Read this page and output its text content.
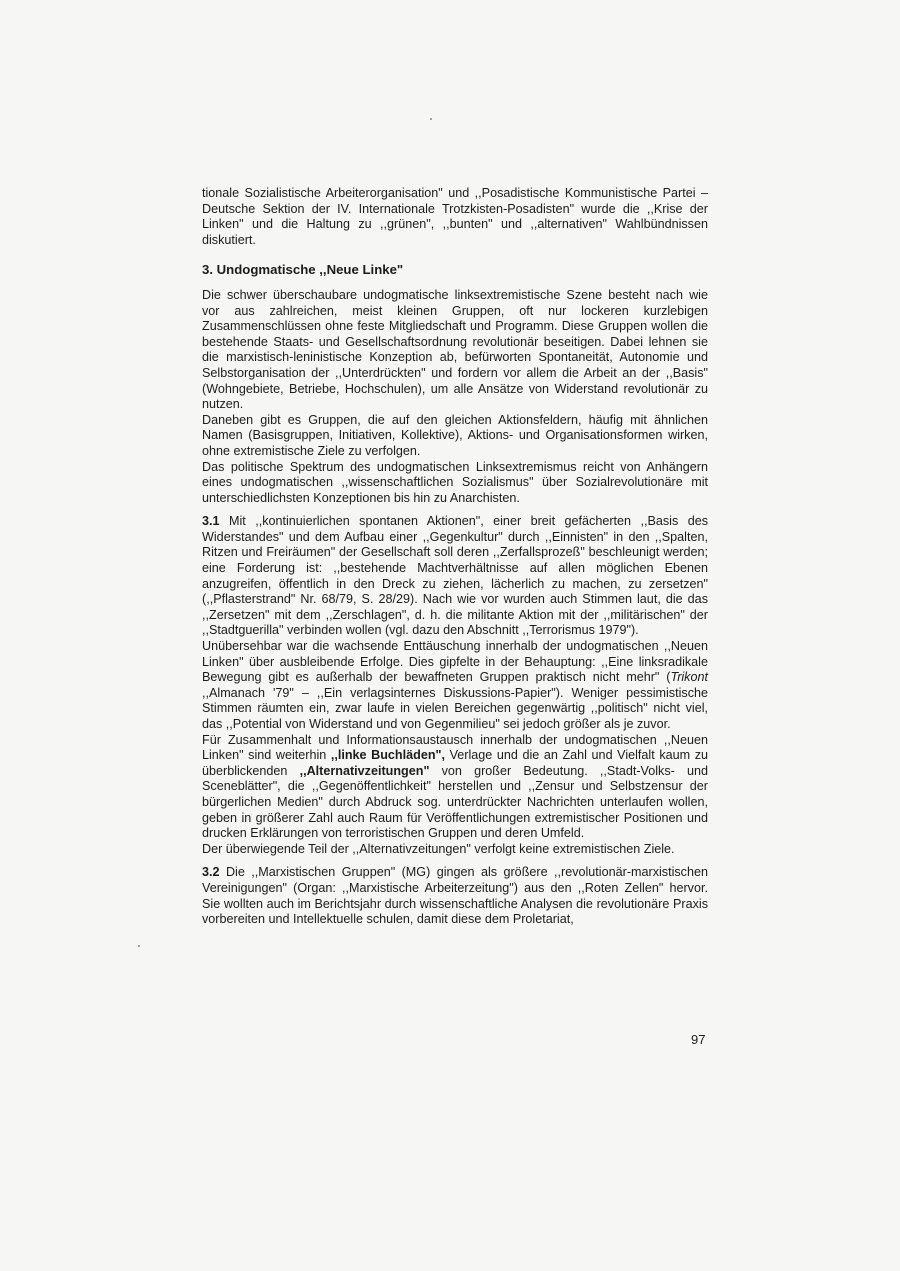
tionale Sozialistische Arbeiterorganisation" und ,,Posadistische Kommunistische Partei – Deutsche Sektion der IV. Internationale Trotzkisten-Posadisten" wurde die ,,Krise der Linken" und die Haltung zu ,,grünen", ,,bunten" und ,,alternativen" Wahlbündnissen diskutiert.

3. Undogmatische ,,Neue Linke"

Die schwer überschaubare undogmatische linksextremistische Szene besteht nach wie vor aus zahlreichen, meist kleinen Gruppen, oft nur lockeren kurzlebigen Zusammenschlüssen ohne feste Mitgliedschaft und Programm. Diese Gruppen wollen die bestehende Staats- und Gesellschaftsordnung revolutionär beseitigen. Dabei lehnen sie die marxistisch-leninistische Konzeption ab, befürworten Spontaneität, Autonomie und Selbstorganisation der ,,Unterdrückten" und fordern vor allem die Arbeit an der ,,Basis" (Wohngebiete, Betriebe, Hochschulen), um alle Ansätze von Widerstand revolutionär zu nutzen.

Daneben gibt es Gruppen, die auf den gleichen Aktionsfeldern, häufig mit ähnlichen Namen (Basisgruppen, Initiativen, Kollektive), Aktions- und Organisationsformen wirken, ohne extremistische Ziele zu verfolgen.

Das politische Spektrum des undogmatischen Linksextremismus reicht von Anhängern eines undogmatischen ,,wissenschaftlichen Sozialismus" über Sozialrevolutionäre mit unterschiedlichsten Konzeptionen bis hin zu Anarchisten.

3.1 Mit ,,kontinuierlichen spontanen Aktionen", einer breit gefächerten ,,Basis des Widerstandes" und dem Aufbau einer ,,Gegenkultur" durch ,,Einnisten" in den ,,Spalten, Ritzen und Freiräumen" der Gesellschaft soll deren ,,Zerfallsprozeß" beschleunigt werden; eine Forderung ist: ,,bestehende Machtverhältnisse auf allen möglichen Ebenen anzugreifen, öffentlich in den Dreck zu ziehen, lächerlich zu machen, zu zersetzen" (,,Pflasterstrand" Nr. 68/79, S. 28/29). Nach wie vor wurden auch Stimmen laut, die das ,,Zersetzen" mit dem ,,Zerschlagen", d. h. die militante Aktion mit der ,,militärischen" der ,,Stadtguerilla" verbinden wollen (vgl. dazu den Abschnitt ,,Terrorismus 1979").

Unübersehbar war die wachsende Enttäuschung innerhalb der undogmatischen ,,Neuen Linken" über ausbleibende Erfolge. Dies gipfelte in der Behauptung: ,,Eine linksradikale Bewegung gibt es außerhalb der bewaffneten Gruppen praktisch nicht mehr" (Trikont ,,Almanach '79" – ,,Ein verlagsinternes Diskussions-Papier"). Weniger pessimistische Stimmen räumten ein, zwar laufe in vielen Bereichen gegenwärtig ,,politisch" nicht viel, das ,,Potential von Widerstand und von Gegenmilieu" sei jedoch größer als je zuvor.

Für Zusammenhalt und Informationsaustausch innerhalb der undogmatischen ,,Neuen Linken" sind weiterhin ,,linke Buchläden", Verlage und die an Zahl und Vielfalt kaum zu überblickenden ,,Alternativzeitungen" von großer Bedeutung. ,,Stadt-Volks- und Sceneblätter", die ,,Gegenöffentlichkeit" herstellen und ,,Zensur und Selbstzensur der bürgerlichen Medien" durch Abdruck sog. unterdrückter Nachrichten unterlaufen wollen, geben in größerer Zahl auch Raum für Veröffentlichungen extremistischer Positionen und drucken Erklärungen von terroristischen Gruppen und deren Umfeld.

Der überwiegende Teil der ,,Alternativzeitungen" verfolgt keine extremistischen Ziele.

3.2 Die ,,Marxistischen Gruppen" (MG) gingen als größere ,,revolutionär-marxistischen Vereinigungen" (Organ: ,,Marxistische Arbeiterzeitung") aus den ,,Roten Zellen" hervor. Sie wollten auch im Berichtsjahr durch wissenschaftliche Analysen die revolutionäre Praxis vorbereiten und Intellektuelle schulen, damit diese dem Proletariat,

97
